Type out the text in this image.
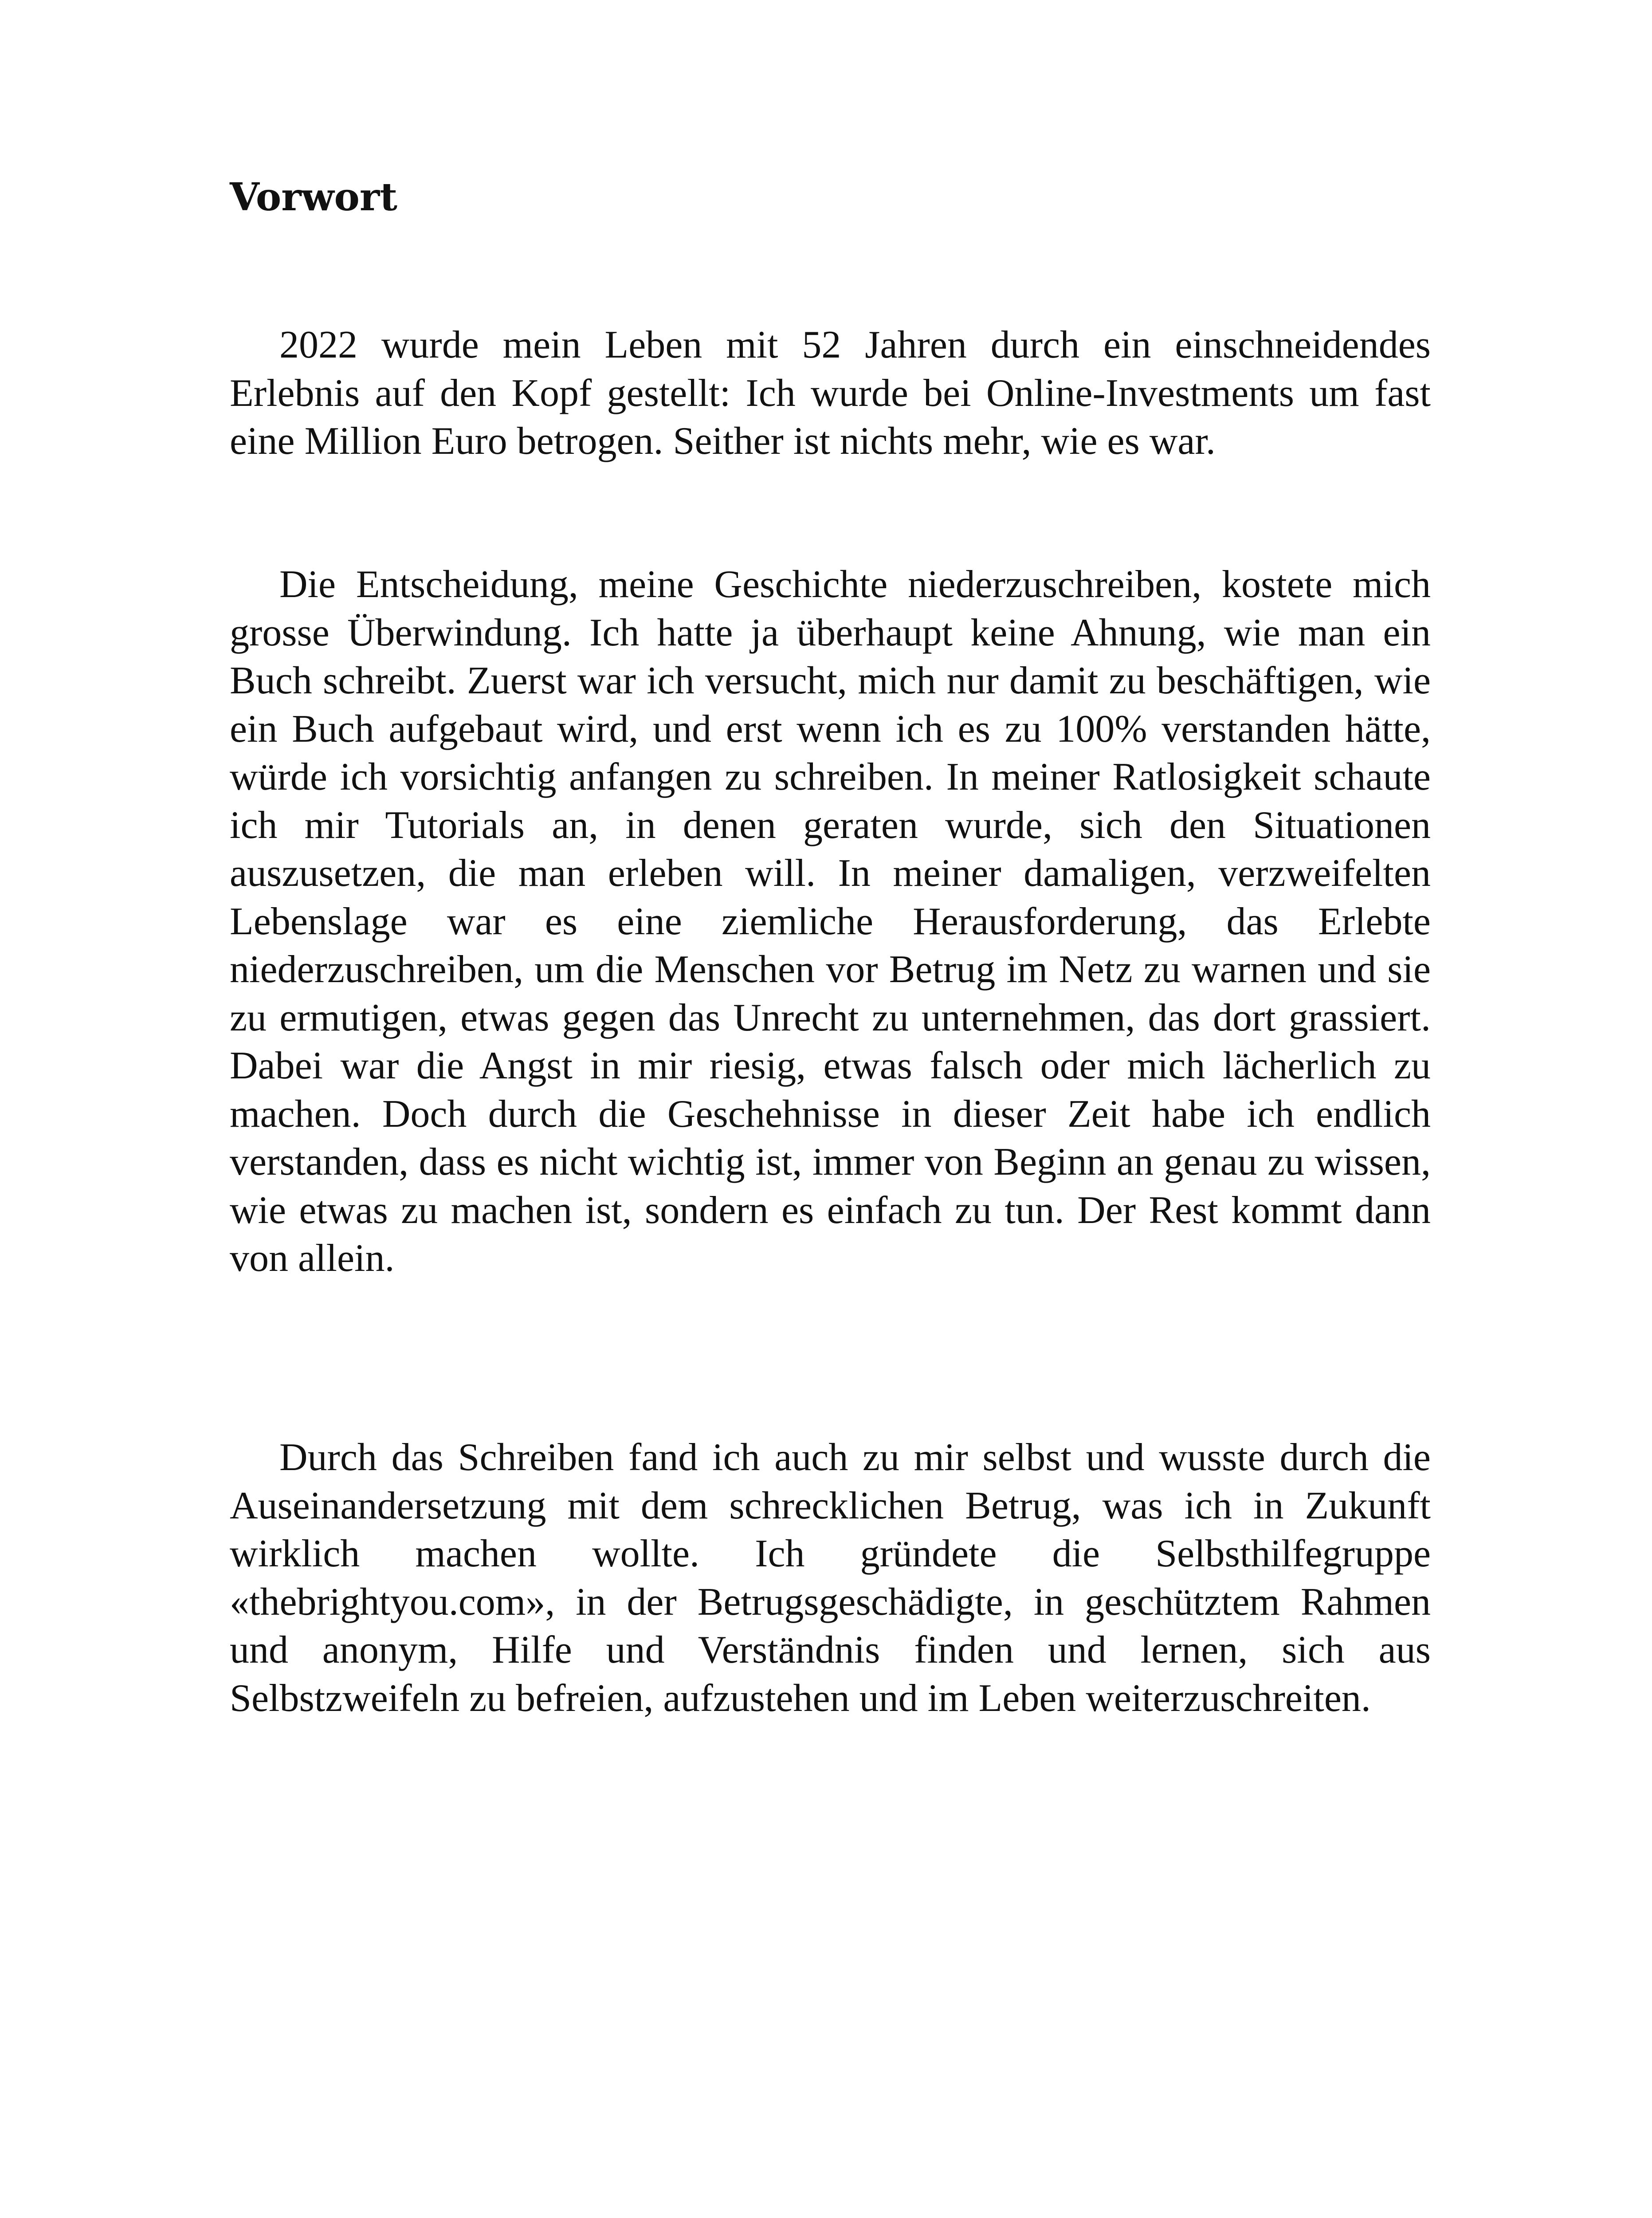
Vorwort

2022 wurde mein Leben mit 52 Jahren durch ein einschneidendes Erlebnis auf den Kopf gestellt: Ich wurde bei Online-Investments um fast eine Million Euro betrogen. Seither ist nichts mehr, wie es war.

Die Entscheidung, meine Geschichte niederzuschreiben, kostete mich grosse Überwindung. Ich hatte ja überhaupt keine Ahnung, wie man ein Buch schreibt. Zuerst war ich versucht, mich nur damit zu beschäftigen, wie ein Buch aufgebaut wird, und erst wenn ich es zu 100% verstanden hätte, würde ich vorsichtig anfangen zu schreiben. In meiner Ratlosigkeit schaute ich mir Tutorials an, in denen geraten wurde, sich den Situationen auszusetzen, die man erleben will. In meiner damaligen, verzweifelten Lebenslage war es eine ziemliche Herausforderung, das Erlebte niederzuschreiben, um die Menschen vor Betrug im Netz zu warnen und sie zu ermutigen, etwas gegen das Unrecht zu unternehmen, das dort grassiert. Dabei war die Angst in mir riesig, etwas falsch oder mich lächerlich zu machen. Doch durch die Geschehnisse in dieser Zeit habe ich endlich verstanden, dass es nicht wichtig ist, immer von Beginn an genau zu wissen, wie etwas zu machen ist, sondern es einfach zu tun. Der Rest kommt dann von allein.

Durch das Schreiben fand ich auch zu mir selbst und wusste durch die Auseinandersetzung mit dem schrecklichen Betrug, was ich in Zukunft wirklich machen wollte. Ich gründete die Selbsthilfegruppe «thebrightyou.com», in der Betrugsgeschädigte, in geschütztem Rahmen und anonym, Hilfe und Verständnis finden und lernen, sich aus Selbstzweifeln zu befreien, aufzustehen und im Leben weiterzuschreiten.
